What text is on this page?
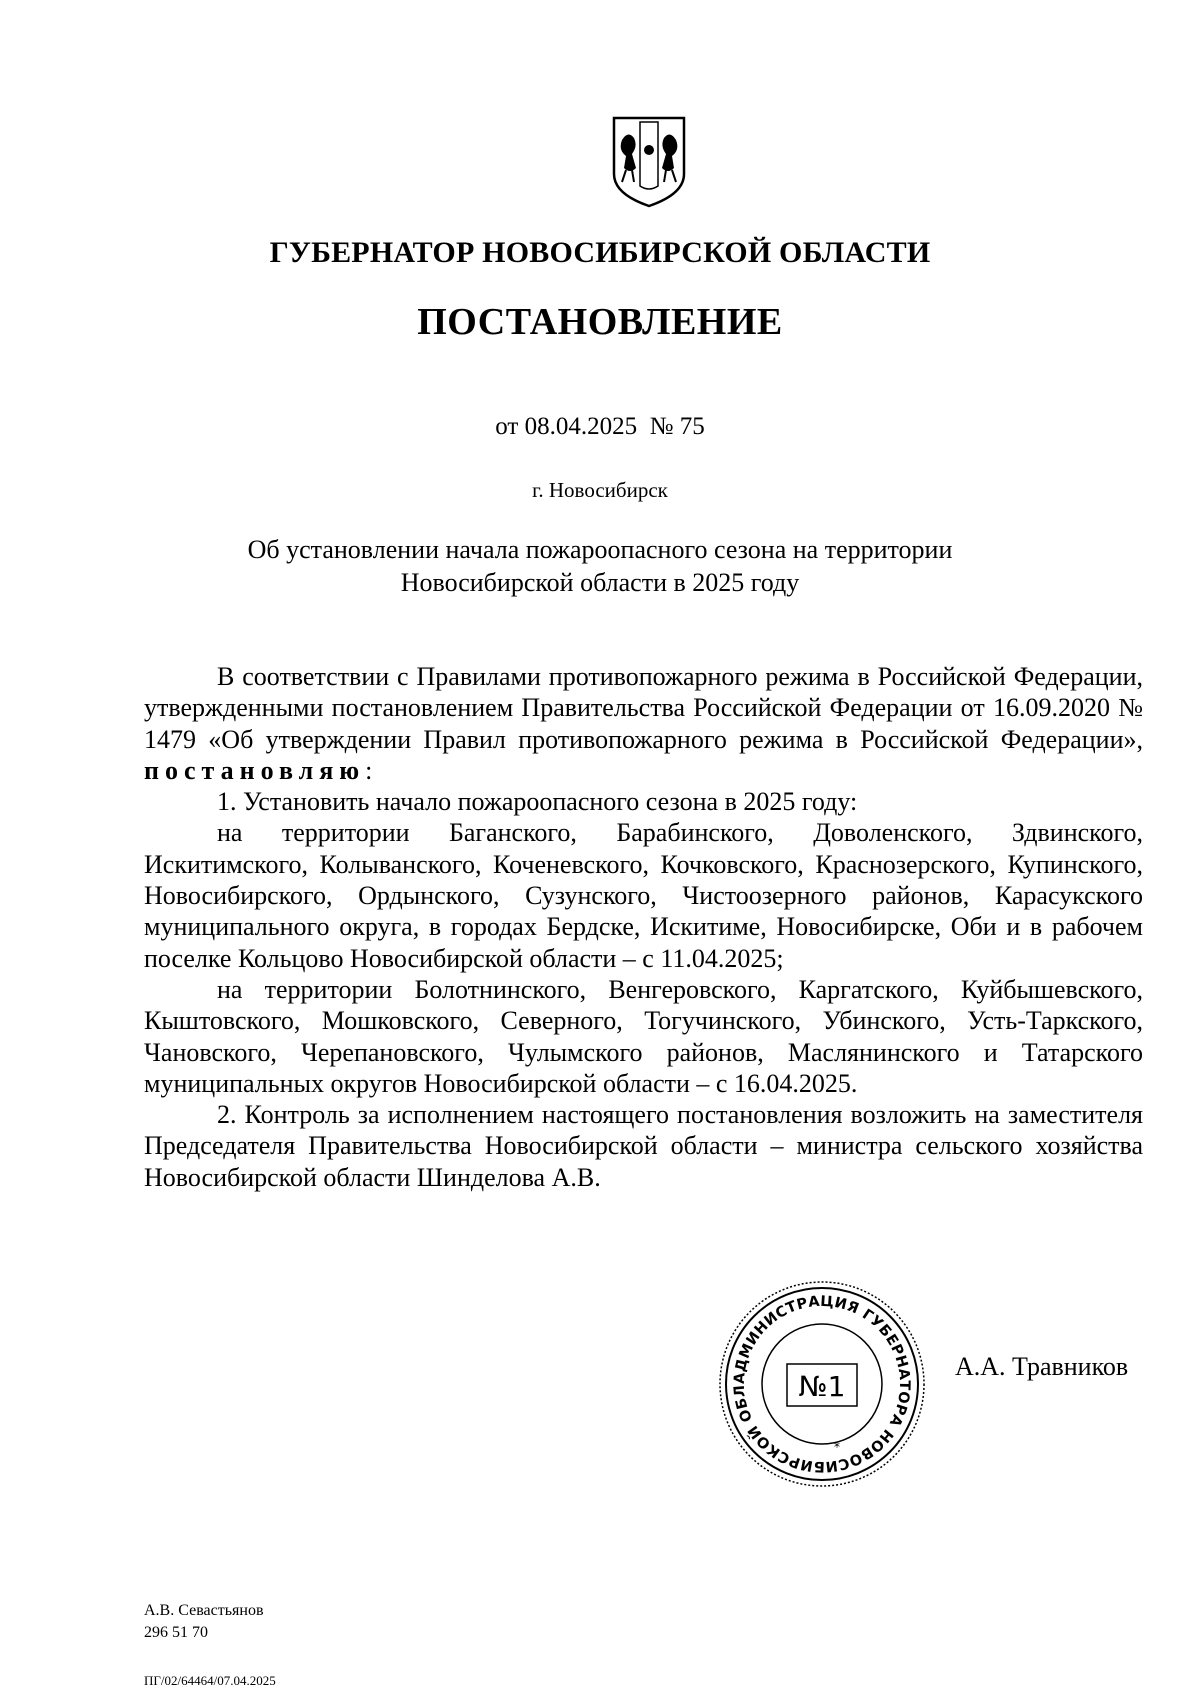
ГУБЕРНАТОР НОВОСИБИРСКОЙ ОБЛАСТИ
ПОСТАНОВЛЕНИЕ
от 08.04.2025  № 75
г. Новосибирск
Об установлении начала пожароопасного сезона на территории
Новосибирской области в 2025 году

В соответствии с Правилами противопожарного режима в Российской Федерации, утвержденными постановлением Правительства Российской Федерации от 16.09.2020 № 1479 «Об утверждении Правил противопожарного режима в Российской Федерации», постановляю:

1. Установить начало пожароопасного сезона в 2025 году:

на территории Баганского, Барабинского, Доволенского, Здвинского, Искитимского, Колыванского, Коченевского, Кочковского, Краснозерского, Купинского, Новосибирского, Ордынского, Сузунского, Чистоозерного районов, Карасукского муниципального округа, в городах Бердске, Искитиме, Новосибирске, Оби и в рабочем поселке Кольцово Новосибирской области – с 11.04.2025;

на территории Болотнинского, Венгеровского, Каргатского, Куйбышевского, Кыштовского, Мошковского, Северного, Тогучинского, Убинского, Усть-Таркского, Чановского, Черепановского, Чулымского районов, Маслянинского и Татарского муниципальных округов Новосибирской области – с 16.04.2025.

2. Контроль за исполнением настоящего постановления возложить на заместителя Председателя Правительства Новосибирской области – министра сельского хозяйства Новосибирской области Шинделова А.В.

АДМИНИСТРАЦИЯ ГУБЕРНАТОРА НОВОСИБИРСКОЙ ОБЛ	№1
*
А.А. Травников
А.В. Севастьянов
296 51 70
ПГ/02/64464/07.04.2025
